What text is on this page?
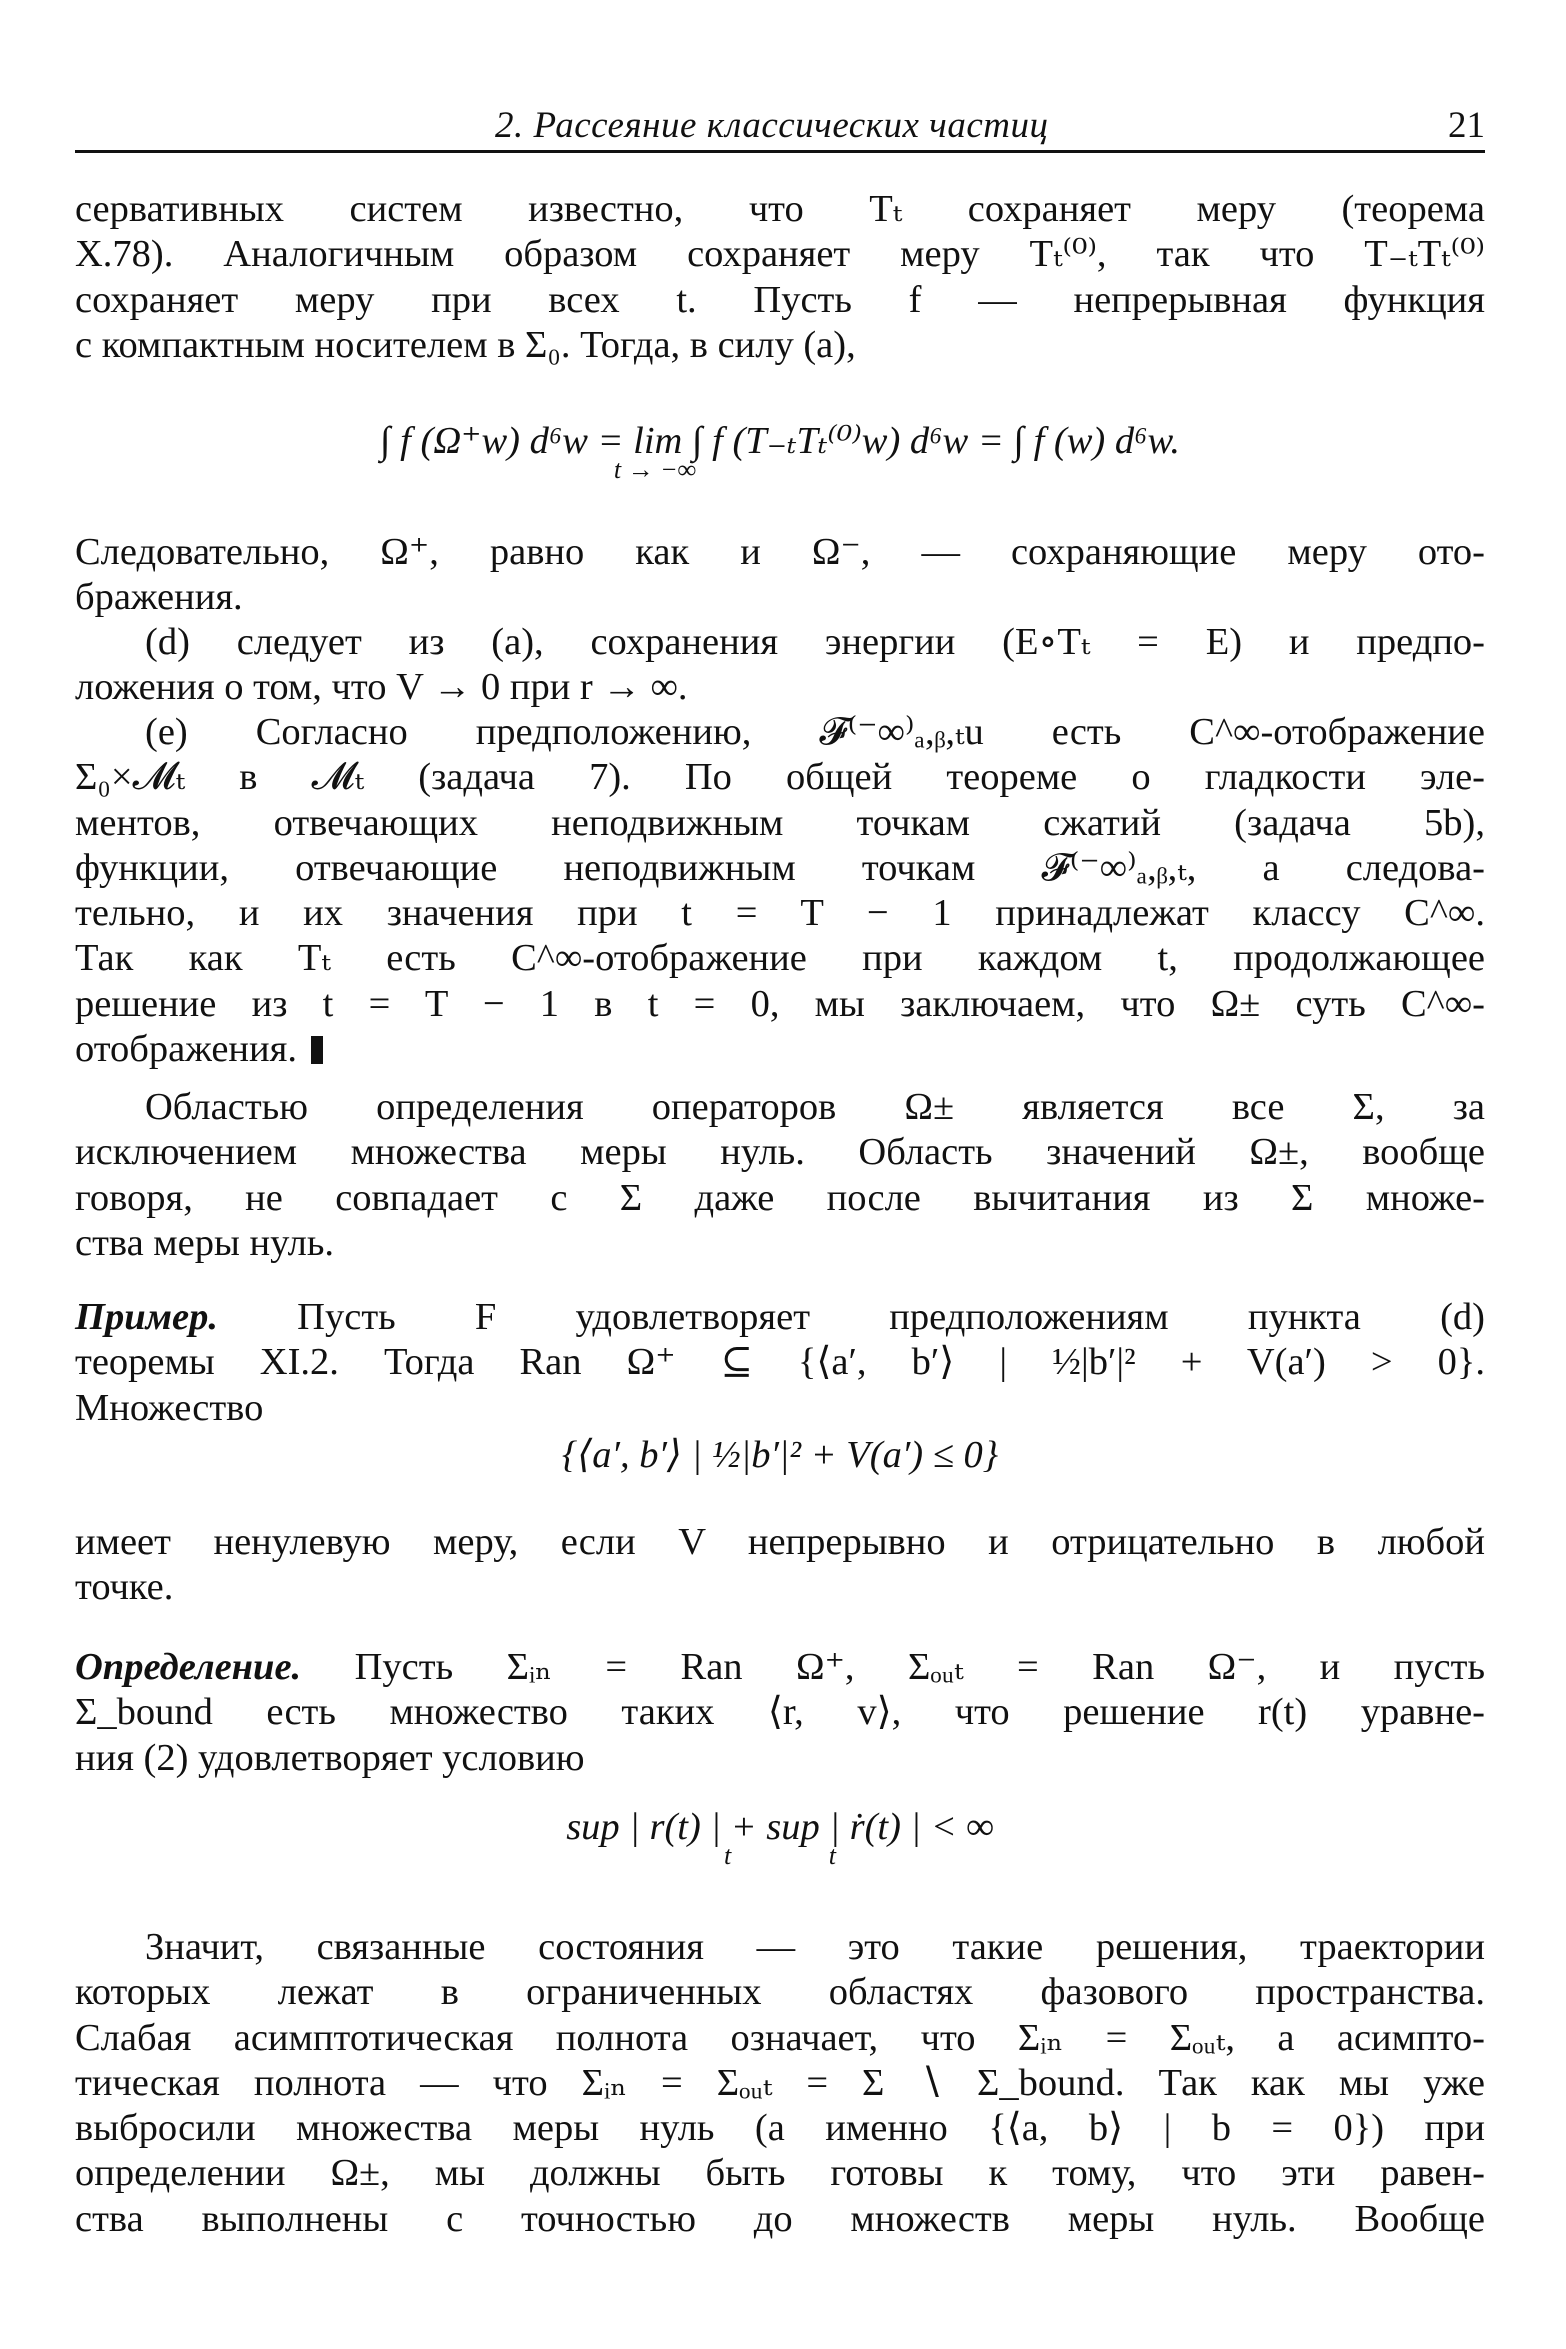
2. Рассеяние классических частиц	21
сервативных систем известно, что Tₜ сохраняет меру (теорема
X.78). Аналогичным образом сохраняет меру Tₜ⁽⁰⁾, так что T₋ₜTₜ⁽⁰⁾
сохраняет меру при всех t. Пусть f — непрерывная функция
с компактным носителем в Σ₀. Тогда, в силу (a),
∫ f (Ω⁺w) d⁶w = lim ∫ f (T₋ₜTₜ⁽⁰⁾w) d⁶w = ∫ f (w) d⁶w.
t → −∞
Следовательно, Ω⁺, равно как и Ω⁻, — сохраняющие меру ото-
бражения.
(d) следует из (a), сохранения энергии (E∘Tₜ = E) и предпо-
ложения о том, что V → 0 при r → ∞.
(e) Согласно предположению, 𝓕⁽⁻∞⁾ₐ,ᵦ,ₜu есть C^∞-отображение
Σ₀×𝓜ₜ в 𝓜ₜ (задача 7). По общей теореме о гладкости эле-
ментов, отвечающих неподвижным точкам сжатий (задача 5b),
функции, отвечающие неподвижным точкам 𝓕⁽⁻∞⁾ₐ,ᵦ,ₜ, а следова-
тельно, и их значения при t = T − 1 принадлежат классу C^∞.
Так как Tₜ есть C^∞-отображение при каждом t, продолжающее
решение из t = T − 1 в t = 0, мы заключаем, что Ω± суть C^∞-
отображения.
Областью определения операторов Ω± является все Σ, за
исключением множества меры нуль. Область значений Ω±, вообще
говоря, не совпадает с Σ даже после вычитания из Σ множе-
ства меры нуль.
Пример. Пусть F удовлетворяет предположениям пункта (d)
теоремы XI.2. Тогда Ran Ω⁺ ⊆ {⟨a′, b′⟩ | ½|b′|² + V(a′) > 0}.
Множество
{⟨a′, b′⟩ | ½|b′|² + V(a′) ≤ 0}
имеет ненулевую меру, если V непрерывно и отрицательно в любой
точке.
Определение. Пусть Σᵢₙ = Ran Ω⁺, Σₒᵤₜ = Ran Ω⁻, и пусть
Σ_bound есть множество таких ⟨r, v⟩, что решение r(t) уравне-
ния (2) удовлетворяет условию
sup | r(t) | + sup | ṙ(t) | < ∞
t               t
Значит, связанные состояния — это такие решения, траектории
которых лежат в ограниченных областях фазового пространства.
Слабая асимптотическая полнота означает, что Σᵢₙ = Σₒᵤₜ, а асимпто-
тическая полнота — что Σᵢₙ = Σₒᵤₜ = Σ ∖ Σ_bound. Так как мы уже
выбросили множества меры нуль (а именно {⟨a, b⟩ | b = 0}) при
определении Ω±, мы должны быть готовы к тому, что эти равен-
ства выполнены с точностью до множеств меры нуль. Вообще
